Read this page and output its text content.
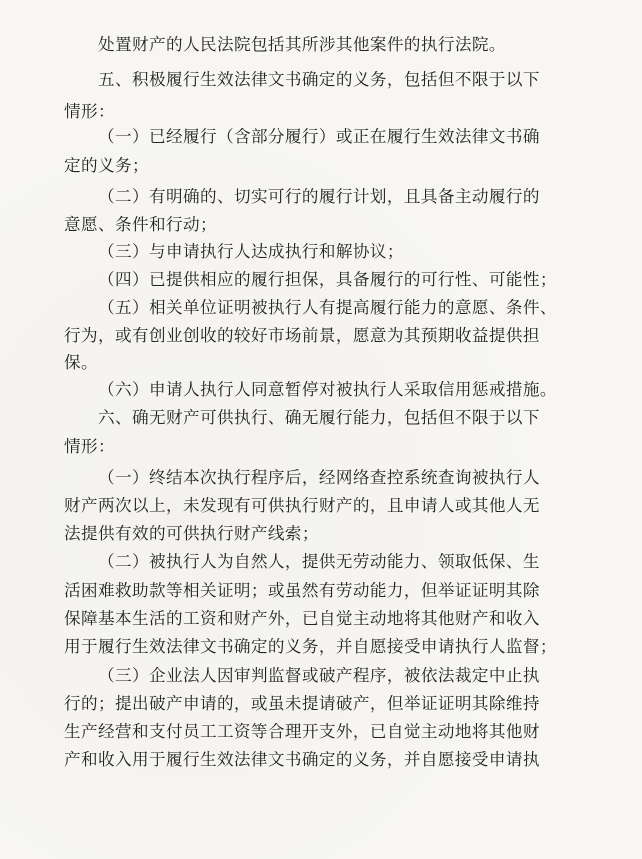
处置财产的人民法院包括其所涉其他案件的执行法院。
五、积极履行生效法律文书确定的义务，包括但不限于以下
情形：
（一）已经履行（含部分履行）或正在履行生效法律文书确
定的义务；
（二）有明确的、切实可行的履行计划，且具备主动履行的
意愿、条件和行动；
（三）与申请执行人达成执行和解协议；
（四）已提供相应的履行担保，具备履行的可行性、可能性；
（五）相关单位证明被执行人有提高履行能力的意愿、条件、
行为，或有创业创收的较好市场前景，愿意为其预期收益提供担
保。
（六）申请人执行人同意暂停对被执行人采取信用惩戒措施。
六、确无财产可供执行、确无履行能力，包括但不限于以下
情形：
（一）终结本次执行程序后，经网络查控系统查询被执行人
财产两次以上，未发现有可供执行财产的，且申请人或其他人无
法提供有效的可供执行财产线索；
（二）被执行人为自然人，提供无劳动能力、领取低保、生
活困难救助款等相关证明；或虽然有劳动能力，但举证证明其除
保障基本生活的工资和财产外，已自觉主动地将其他财产和收入
用于履行生效法律文书确定的义务，并自愿接受申请执行人监督；
（三）企业法人因审判监督或破产程序，被依法裁定中止执
行的；提出破产申请的，或虽未提请破产，但举证证明其除维持
生产经营和支付员工工资等合理开支外，已自觉主动地将其他财
产和收入用于履行生效法律文书确定的义务，并自愿接受申请执
